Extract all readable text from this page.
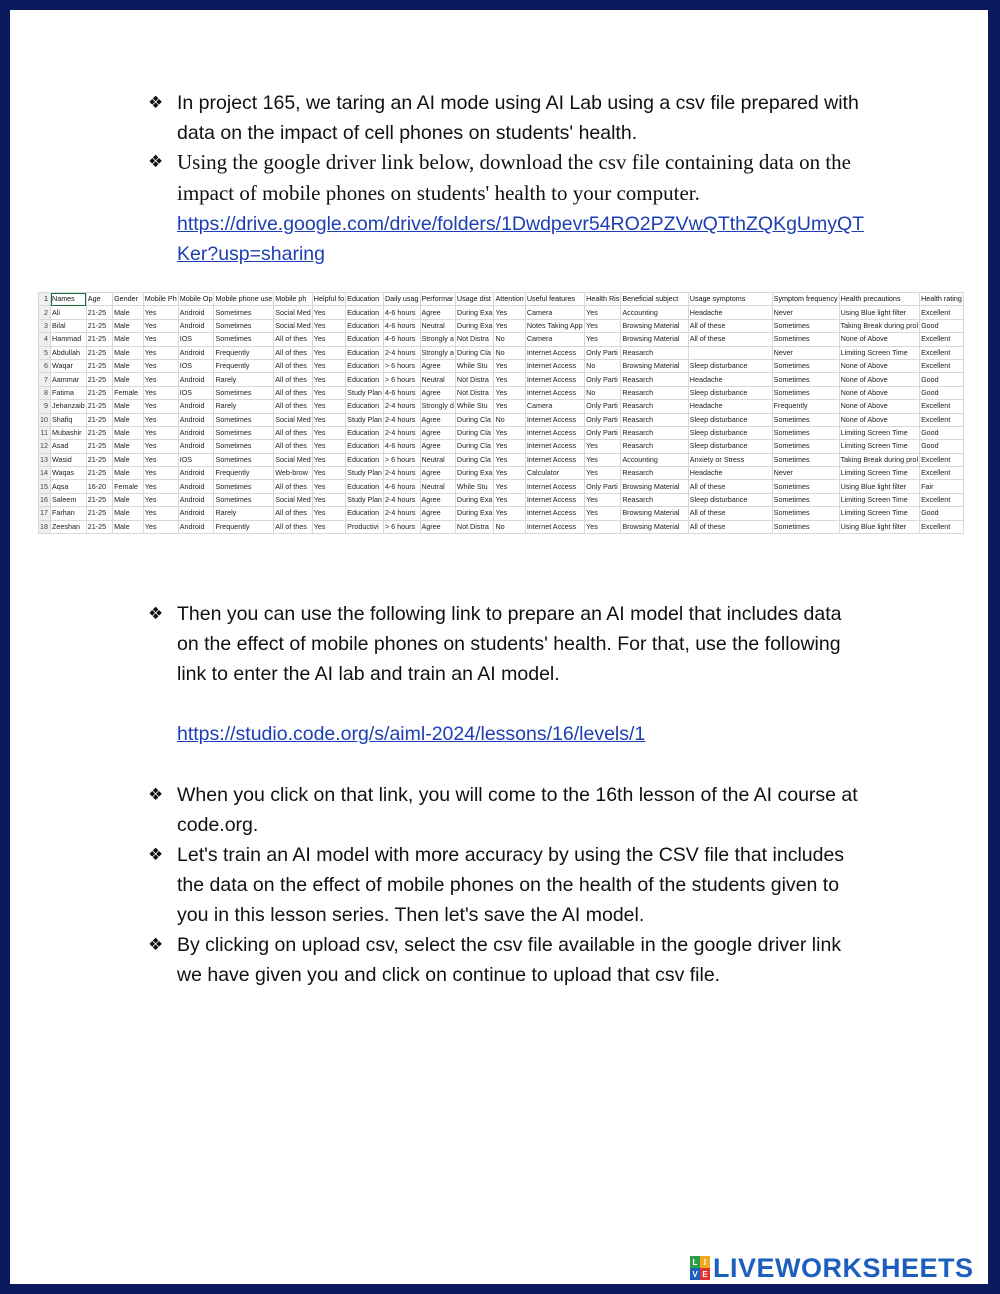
❖ In project 165, we taring an AI mode using AI Lab using a csv file prepared with data on the impact of cell phones on students' health.
❖ Using the google driver link below, download the csv file containing data on the impact of mobile phones on students' health to your computer.
https://drive.google.com/drive/folders/1Dwdpevr54RO2PZVwQTthZQKgUmyQTKer?usp=sharing
1	Names	Age	Gender	Mobile Ph	Mobile Op	Mobile phone use	Mobile ph	Helpful fo	Education	Daily usag	Performar	Usage dist	Attention	Useful features	Health Ris	Beneficial subject	Usage symptoms	Symptom frequency	Health precautions	Health rating
2	Ali	21-25	Male	Yes	Android	Sometimes	Social Med	Yes	Education	4-6 hours	Agree	During Exa	Yes	Camera	Yes	Accounting	Headache	Never	Using Blue light filter	Excellent
3	Bilal	21-25	Male	Yes	Android	Sometimes	Social Med	Yes	Education	4-6 hours	Neutral	During Exa	Yes	Notes Taking App	Yes	Browsing Material	All of these	Sometimes	Taking Break during prol	Good
4	Hammad	21-25	Male	Yes	IOS	Sometimes	All of thes	Yes	Education	4-6 hours	Strongly a	Not Distra	No	Camera	Yes	Browsing Material	All of these	Sometimes	None of Above	Excellent
5	Abdullah	21-25	Male	Yes	Android	Frequently	All of thes	Yes	Education	2-4 hours	Strongly a	During Cla	No	Internet Access	Only Parti	Reasarch		Never	Limiting Screen Time	Excellent
6	Waqar	21-25	Male	Yes	IOS	Frequently	All of thes	Yes	Education	> 6 hours	Agree	While Stu	Yes	Internet Access	No	Browsing Material	Sleep disturbance	Sometimes	None of Above	Excellent
7	Aammar	21-25	Male	Yes	Android	Rarely	All of thes	Yes	Education	> 6 hours	Neutral	Not Distra	Yes	Internet Access	Only Parti	Reasarch	Headache	Sometimes	None of Above	Good
8	Fatima	21-25	Female	Yes	IOS	Sometimes	All of thes	Yes	Study Plan	4-6 hours	Agree	Not Distra	Yes	Internet Access	No	Reasarch	Sleep disturbance	Sometimes	None of Above	Good
9	Jehanzaib	21-25	Male	Yes	Android	Rarely	All of thes	Yes	Education	2-4 hours	Strongly d	While Stu	Yes	Camera	Only Parti	Reasarch	Headache	Frequently	None of Above	Excellent
10	Shafiq	21-25	Male	Yes	Android	Sometimes	Social Med	Yes	Study Plan	2-4 hours	Agree	During Cla	No	Internet Access	Only Parti	Reasarch	Sleep disturbance	Sometimes	None of Above	Excellent
11	Mubashir	21-25	Male	Yes	Android	Sometimes	All of thes	Yes	Education	2-4 hours	Agree	During Cla	Yes	Internet Access	Only Parti	Reasarch	Sleep disturbance	Sometimes	Limiting Screen Time	Good
12	Asad	21-25	Male	Yes	Android	Sometimes	All of thes	Yes	Education	4-6 hours	Agree	During Cla	Yes	Internet Access	Yes	Reasarch	Sleep disturbance	Sometimes	Limiting Screen Time	Good
13	Wasid	21-25	Male	Yes	IOS	Sometimes	Social Med	Yes	Education	> 6 hours	Neutral	During Cla	Yes	Internet Access	Yes	Accounting	Anxiety or Stress	Sometimes	Taking Break during prol	Excellent
14	Waqas	21-25	Male	Yes	Android	Frequently	Web-brow	Yes	Study Plan	2-4 hours	Agree	During Exa	Yes	Calculator	Yes	Reasarch	Headache	Never	Limiting Screen Time	Excellent
15	Aqsa	16-20	Female	Yes	Android	Sometimes	All of thes	Yes	Education	4-6 hours	Neutral	While Stu	Yes	Internet Access	Only Parti	Browsing Material	All of these	Sometimes	Using Blue light filter	Fair
16	Saleem	21-25	Male	Yes	Android	Sometimes	Social Med	Yes	Study Plan	2-4 hours	Agree	During Exa	Yes	Internet Access	Yes	Reasarch	Sleep disturbance	Sometimes	Limiting Screen Time	Excellent
17	Farhan	21-25	Male	Yes	Android	Rarely	All of thes	Yes	Education	2-4 hours	Agree	During Exa	Yes	Internet Access	Yes	Browsing Material	All of these	Sometimes	Limiting Screen Time	Good
18	Zeeshan	21-25	Male	Yes	Android	Frequently	All of thes	Yes	Productivi	> 6 hours	Agree	Not Distra	No	Internet Access	Yes	Browsing Material	All of these	Sometimes	Using Blue light filter	Excellent
❖ Then you can use the following link to prepare an AI model that includes data on the effect of mobile phones on students' health. For that, use the following link to enter the AI lab and train an AI model.
https://studio.code.org/s/aiml-2024/lessons/16/levels/1
❖ When you click on that link, you will come to the 16th lesson of the AI course at code.org.
❖ Let's train an AI model with more accuracy by using the CSV file that includes the data on the effect of mobile phones on the health of the students given to you in this lesson series. Then let's save the AI model.
❖ By clicking on upload csv, select the csv file available in the google driver link we have given you and click on continue to upload that csv file.
L I
V E LIVEWORKSHEETS
